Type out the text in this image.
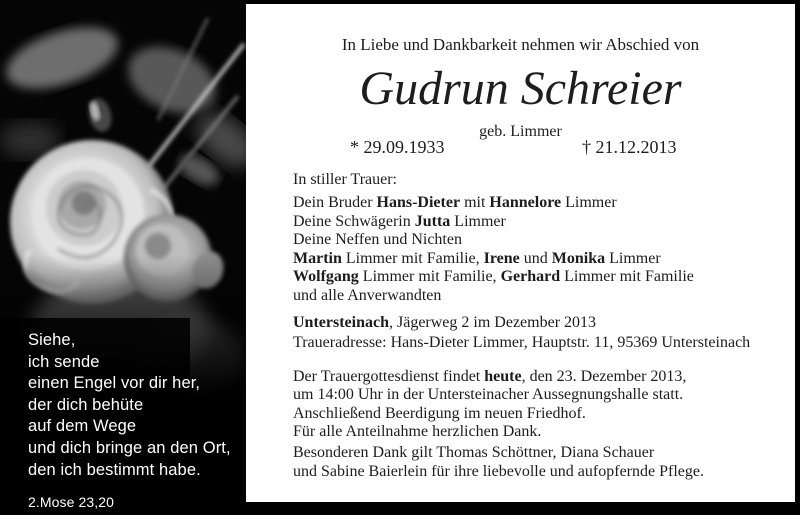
Siehe,
ich sende
einen Engel vor dir her,
der dich behüte
auf dem Wege
und dich bringe an den Ort,
den ich bestimmt habe.
2.Mose 23,20
In Liebe und Dankbarkeit nehmen wir Abschied von
Gudrun Schreier
geb. Limmer
* 29.09.1933	† 21.12.2013
In stiller Trauer:
Dein Bruder Hans-Dieter mit Hannelore Limmer
Deine Schwägerin Jutta Limmer
Deine Neffen und Nichten
Martin Limmer mit Familie, Irene und Monika Limmer
Wolfgang Limmer mit Familie, Gerhard Limmer mit Familie
und alle Anverwandten
Untersteinach, Jägerweg 2 im Dezember 2013
Traueradresse: Hans-Dieter Limmer, Hauptstr. 11, 95369 Untersteinach
Der Trauergottesdienst findet heute, den 23. Dezember 2013,
um 14:00 Uhr in der Untersteinacher Aussegnungshalle statt.
Anschließend Beerdigung im neuen Friedhof.
Für alle Anteilnahme herzlichen Dank.
Besonderen Dank gilt Thomas Schöttner, Diana Schauer
und Sabine Baierlein für ihre liebevolle und aufopfernde Pflege.
